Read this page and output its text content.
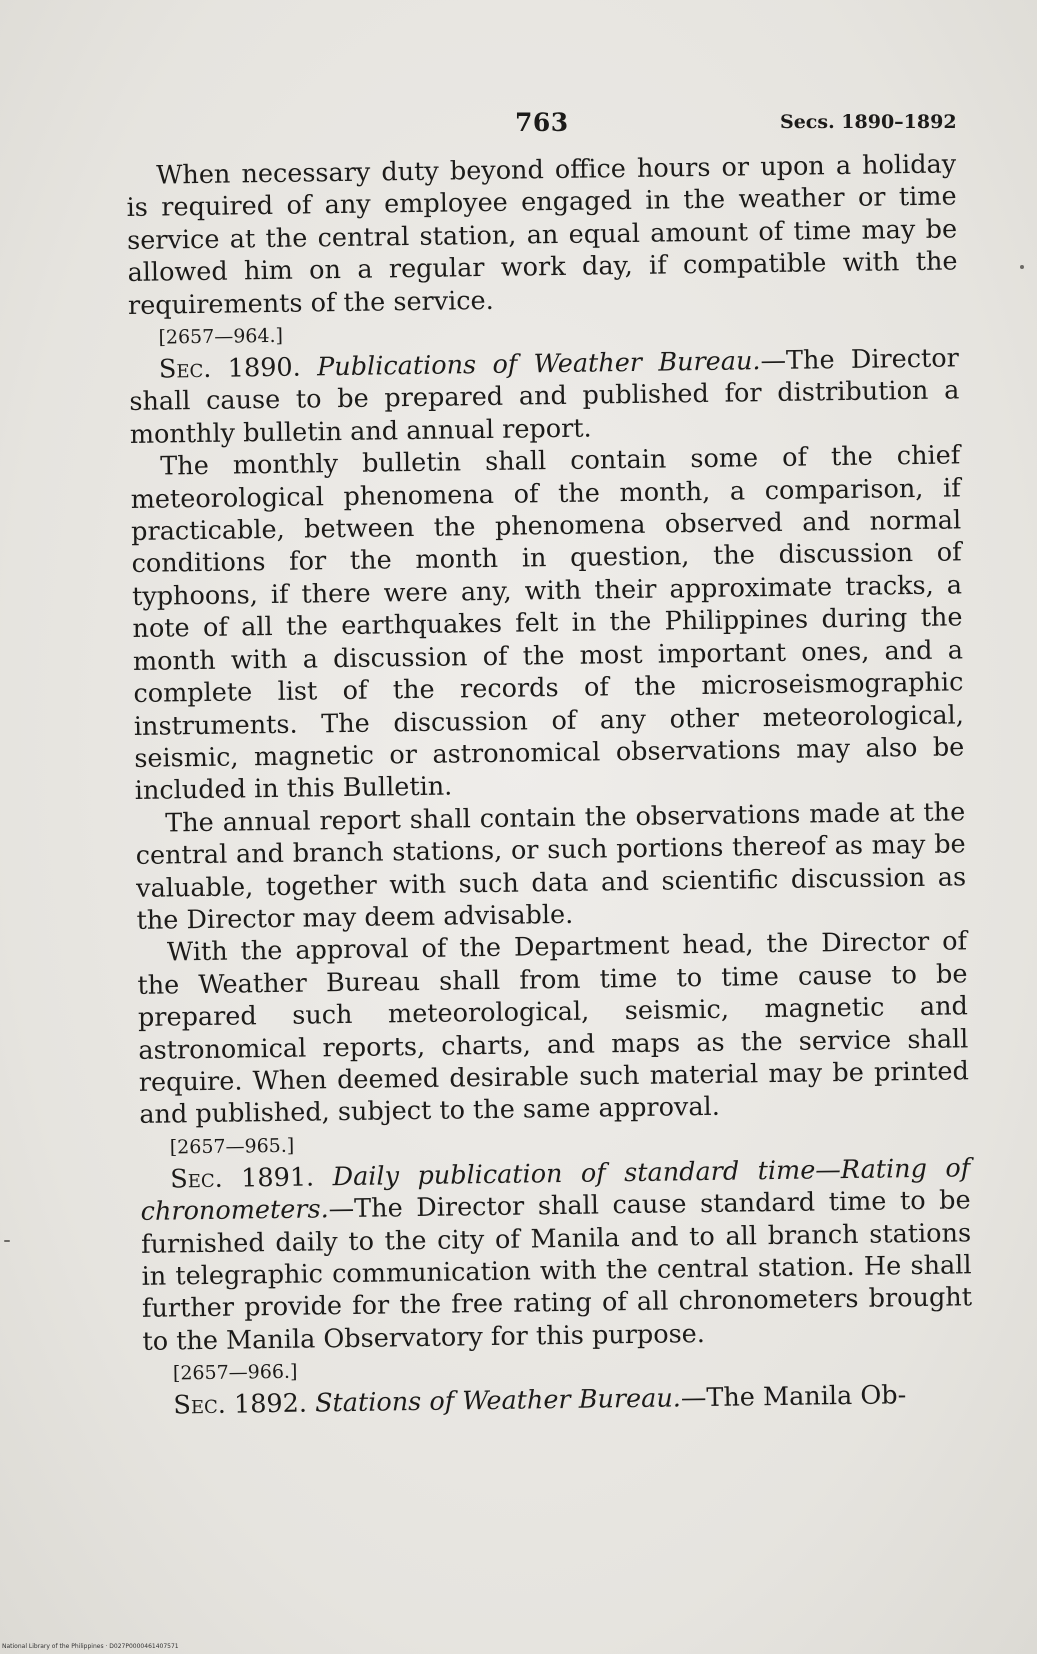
763	Secs. 1890–1892

When necessary duty beyond office hours or upon a holiday is required of any employee engaged in the weather or time service at the central station, an equal amount of time may be allowed him on a regular work day, if compatible with the requirements of the service.

[2657—964.]

Sec. 1890. Publications of Weather Bureau.—The Director shall cause to be prepared and published for distribution a monthly bulletin and annual report.

The monthly bulletin shall contain some of the chief meteorological phenomena of the month, a comparison, if practicable, between the phenomena observed and normal conditions for the month in question, the discussion of typhoons, if there were any, with their approximate tracks, a note of all the earthquakes felt in the Philippines during the month with a discussion of the most important ones, and a complete list of the records of the microseismographic instruments. The discussion of any other meteorological, seismic, magnetic or astronomical observations may also be included in this Bulletin.

The annual report shall contain the observations made at the central and branch stations, or such portions thereof as may be valuable, together with such data and scientific discussion as the Director may deem advisable.

With the approval of the Department head, the Director of the Weather Bureau shall from time to time cause to be prepared such meteorological, seismic, magnetic and astronomical reports, charts, and maps as the service shall require. When deemed desirable such material may be printed and published, subject to the same approval.

[2657—965.]

Sec. 1891. Daily publication of standard time—Rating of chronometers.—The Director shall cause standard time to be furnished daily to the city of Manila and to all branch stations in telegraphic communication with the central station. He shall further provide for the free rating of all chronometers brought to the Manila Observatory for this purpose.

[2657—966.]

Sec. 1892. Stations of Weather Bureau.—The Manila Ob-

National Library of the Philippines · D027P0000461407571
